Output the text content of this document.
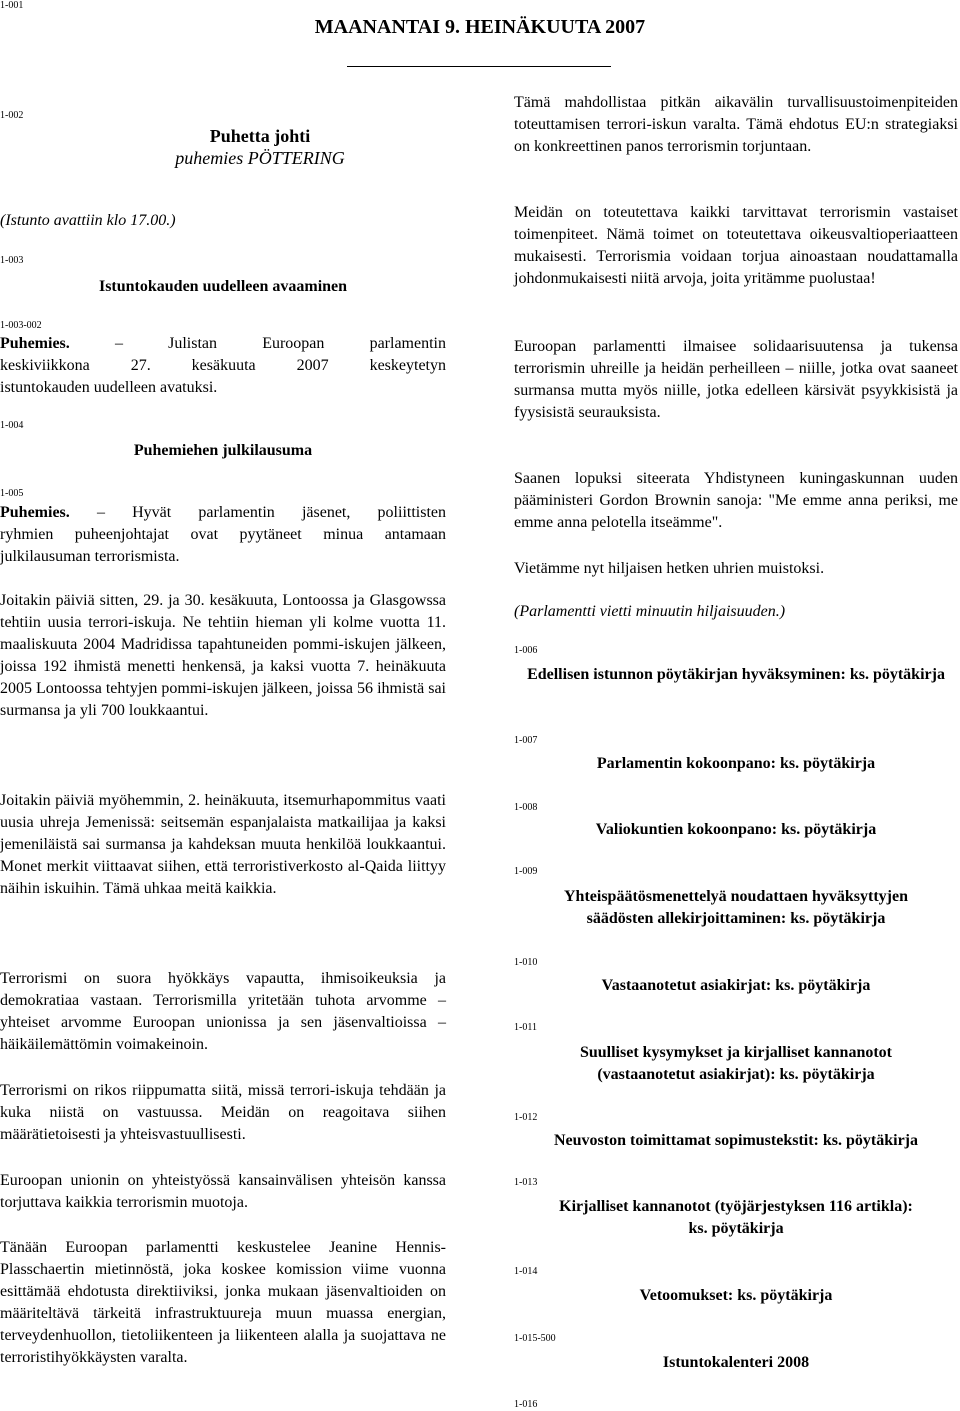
1-001
MAANANTAI 9. HEINÄKUUTA 2007
1-002
Puhetta johti
puhemies PÖTTERING
(Istunto avattiin klo 17.00.)
1-003
Istuntokauden uudelleen avaaminen
1-003-002
Puhemies. – Julistan Euroopan parlamentin
keskiviikkona 27. kesäkuuta 2007 keskeytetyn
istuntokauden uudelleen avatuksi.
1-004
Puhemiehen julkilausuma
1-005
Puhemies. – Hyvät parlamentin jäsenet, poliittisten
ryhmien puheenjohtajat ovat pyytäneet minua antamaan
julkilausuman terrorismista.
Joitakin päiviä sitten, 29. ja 30. kesäkuuta, Lontoossa ja Glasgowssa tehtiin uusia terrori-iskuja. Ne tehtiin hieman yli kolme vuotta 11. maaliskuuta 2004 Madridissa tapahtuneiden pommi-iskujen jälkeen, joissa 192 ihmistä menetti henkensä, ja kaksi vuotta 7. heinäkuuta 2005 Lontoossa tehtyjen pommi-iskujen jälkeen, joissa 56 ihmistä sai surmansa ja yli 700 loukkaantui.
Joitakin päiviä myöhemmin, 2. heinäkuuta, itsemurhapommitus vaati uusia uhreja Jemenissä: seitsemän espanjalaista matkailijaa ja kaksi jemeniläistä sai surmansa ja kahdeksan muuta henkilöä loukkaantui. Monet merkit viittaavat siihen, että terroristiverkosto al-Qaida liittyy näihin iskuihin. Tämä uhkaa meitä kaikkia.
Terrorismi on suora hyökkäys vapautta, ihmisoikeuksia ja demokratiaa vastaan. Terrorismilla yritetään tuhota arvomme – yhteiset arvomme Euroopan unionissa ja sen jäsenvaltioissa – häikäilemättömin voimakeinoin.
Terrorismi on rikos riippumatta siitä, missä terrori-iskuja tehdään ja kuka niistä on vastuussa. Meidän on reagoitava siihen määrätietoisesti ja yhteisvastuullisesti.
Euroopan unionin on yhteistyössä kansainvälisen yhteisön kanssa torjuttava kaikkia terrorismin muotoja.
Tänään Euroopan parlamentti keskustelee Jeanine Hennis-Plasschaertin mietinnöstä, joka koskee komission viime vuonna esittämää ehdotusta direktiiviksi, jonka mukaan jäsenvaltioiden on määriteltävä tärkeitä infrastruktuureja muun muassa energian, terveydenhuollon, tietoliikenteen ja liikenteen alalla ja suojattava ne terroristihyökkäysten varalta.
Tämä mahdollistaa pitkän aikavälin turvallisuustoimenpiteiden toteuttamisen terrori-iskun varalta. Tämä ehdotus EU:n strategiaksi on konkreettinen panos terrorismin torjuntaan.
Meidän on toteutettava kaikki tarvittavat terrorismin vastaiset toimenpiteet. Nämä toimet on toteutettava oikeusvaltioperiaatteen mukaisesti. Terrorismia voidaan torjua ainoastaan noudattamalla johdonmukaisesti niitä arvoja, joita yritämme puolustaa!
Euroopan parlamentti ilmaisee solidaarisuutensa ja tukensa terrorismin uhreille ja heidän perheilleen – niille, jotka ovat saaneet surmansa mutta myös niille, jotka edelleen kärsivät psyykkisistä ja fyysisistä seurauksista.
Saanen lopuksi siteerata Yhdistyneen kuningaskunnan uuden pääministeri Gordon Brownin sanoja: "Me emme anna periksi, me emme anna pelotella itseämme".
Vietämme nyt hiljaisen hetken uhrien muistoksi.
(Parlamentti vietti minuutin hiljaisuuden.)
1-006
Edellisen istunnon pöytäkirjan hyväksyminen: ks. pöytäkirja
1-007
Parlamentin kokoonpano: ks. pöytäkirja
1-008
Valiokuntien kokoonpano: ks. pöytäkirja
1-009
Yhteispäätösmenettelyä noudattaen hyväksyttyjen
säädösten allekirjoittaminen: ks. pöytäkirja
1-010
Vastaanotetut asiakirjat: ks. pöytäkirja
1-011
Suulliset kysymykset ja kirjalliset kannanotot
(vastaanotetut asiakirjat): ks. pöytäkirja
1-012
Neuvoston toimittamat sopimustekstit: ks. pöytäkirja
1-013
Kirjalliset kannanotot (työjärjestyksen 116 artikla):
ks. pöytäkirja
1-014
Vetoomukset: ks. pöytäkirja
1-015-500
Istuntokalenteri 2008
1-016
